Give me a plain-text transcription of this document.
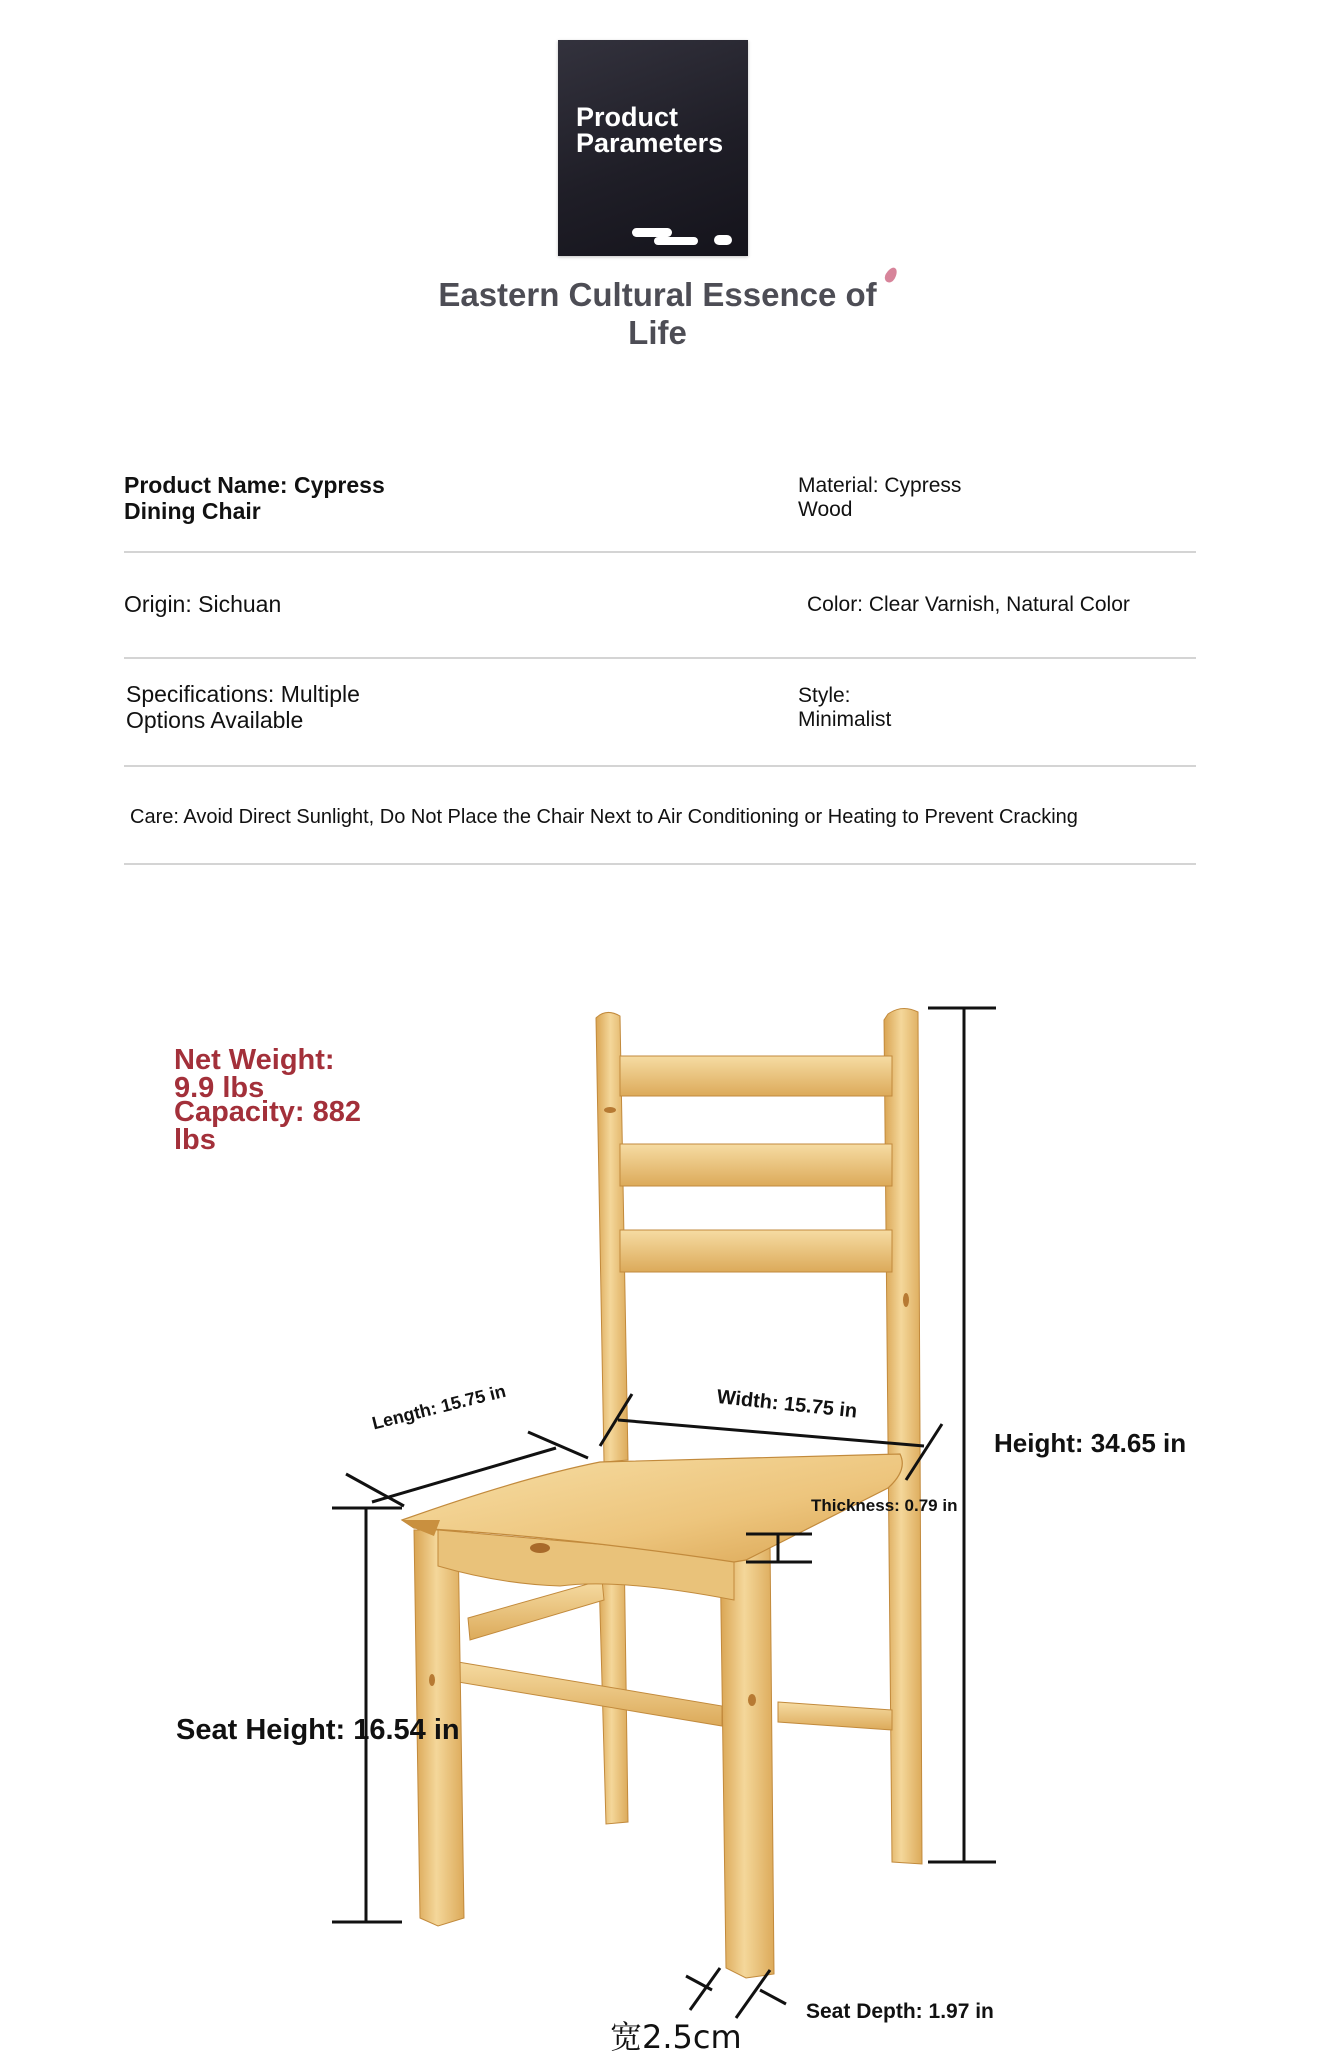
Product Parameters
Eastern Cultural Essence of Life
Product Name: Cypress Dining Chair
Material: Cypress Wood
Origin: Sichuan	Color: Clear Varnish, Natural Color
Specifications: Multiple Options Available
Style: Minimalist
Care: Avoid Direct Sunlight, Do Not Place the Chair Next to Air Conditioning or Heating to Prevent Cracking
Net Weight: 9.9 lbs
Capacity: 882 lbs
Length: 15.75 in	Width: 15.75 in
Thickness: 0.79 in
Height: 34.65 in
Seat Height: 16.54 in
Seat Depth: 1.97 in
宽2.5cm
